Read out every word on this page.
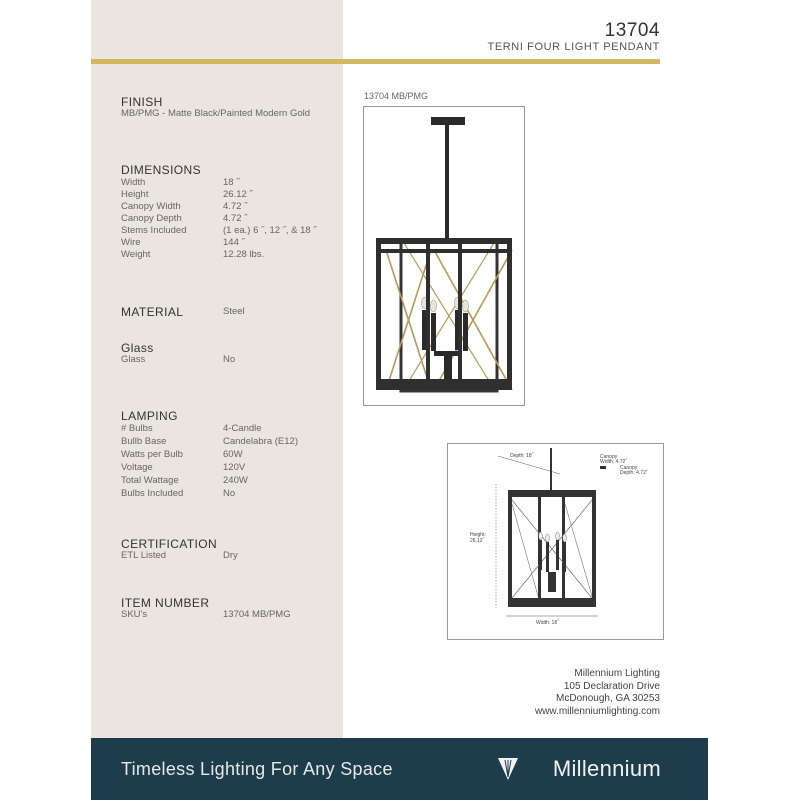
13704
TERNI FOUR LIGHT PENDANT
FINISH
MB/PMG - Matte Black/Painted Modern Gold
DIMENSIONS
Width	18 ˝
Height	26.12 ˝
Canopy Width	4.72 ˝
Canopy Depth	4.72 ˝
Stems Included	(1 ea.) 6 ˝, 12 ˝, & 18 ˝
Wire	144 ˝
Weight	12.28 lbs.
MATERIAL	Steel
Glass
Glass	No
LAMPING
# Bulbs	4-Candle
Bullb Base	Candelabra (E12)
Watts per Bulb	60W
Voltage	120V
Total Wattage	240W
Bulbs Included	No
CERTIFICATION
ETL Listed	Dry
ITEM NUMBER
SKU's	13704 MB/PMG
13704 MB/PMG
Depth: 18˝
Height:
26.12˝
Width: 18˝
Canopy
Width: 4.72˝
Canopy
Depth: 4.72˝
Millennium Lighting
105 Declaration Drive
McDonough, GA 30253
www.millenniumlighting.com
Timeless Lighting For Any Space	Millennium
